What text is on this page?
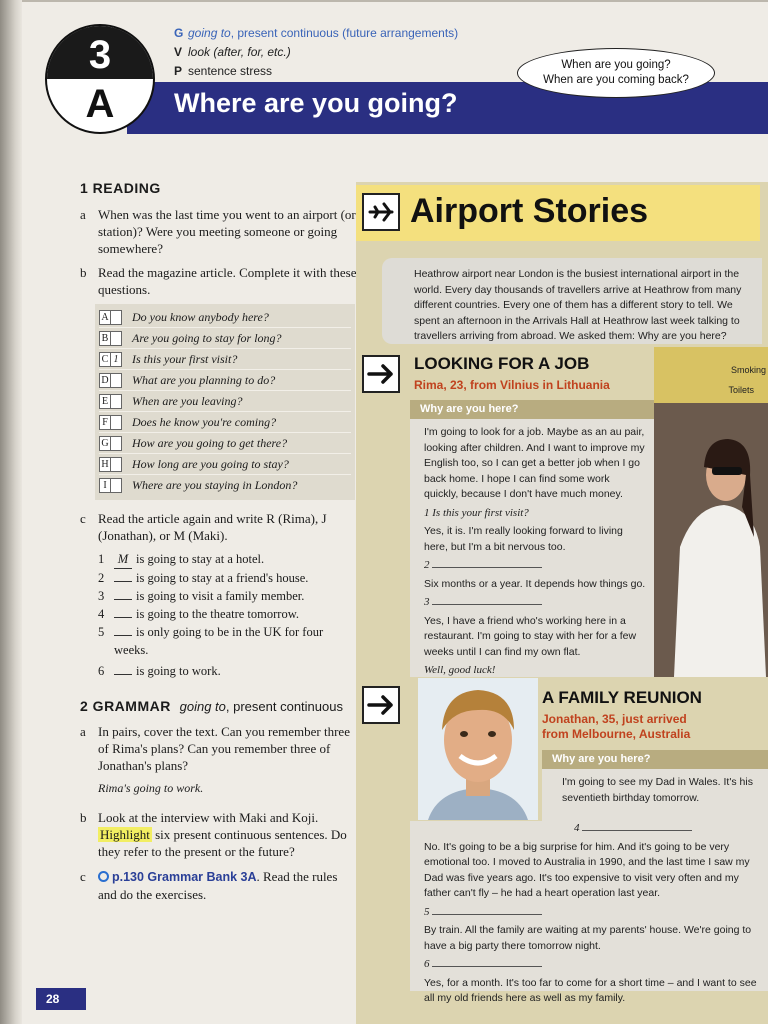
3
A	Where are you going?
G going to, present continuous (future arrangements)
V look (after, for, etc.)
P sentence stress	When are you going?
When are you coming back?
1 READING
a When was the last time you went to an airport (or station)? Were you meeting someone or going somewhere?
b Read the magazine article. Complete it with these questions.
A Do you know anybody here?
B Are you going to stay for long?
C 1 Is this your first visit?
D What are you planning to do?
E When are you leaving?
F Does he know you're coming?
G How are you going to get there?
H How long are you going to stay?
I	Where are you staying in London?
c Read the article again and write R (Rima), J (Jonathan), or M (Maki).
1	M is going to stay at a hotel.
2	is going to stay at a friend's house.
3	is going to visit a family member.
4	is going to the theatre tomorrow.
5	is only going to be in the UK for four weeks.
6	is going to work.
2 GRAMMAR going to, present continuous
a In pairs, cover the text. Can you remember three of Rima's plans? Can you remember three of Jonathan's plans?
Rima's going to work.
b Look at the interview with Maki and Koji. Highlight six present continuous sentences. Do they refer to the present or the future?
c p.130 Grammar Bank 3A. Read the rules and do the exercises.
28
Airport Stories
Heathrow airport near London is the busiest international airport in the world. Every day thousands of travellers arrive at Heathrow from many different countries. Every one of them has a different story to tell. We spent an afternoon in the Arrivals Hall at Heathrow last week talking to travellers arriving from abroad. We asked them: Why are you here?
LOOKING FOR A JOB
Rima, 23, from Vilnius in Lithuania
Why are you here?
Smoking
Toilets

I'm going to look for a job. Maybe as an au pair, looking after children. And I want to improve my English too, so I can get a better job when I go back home. I hope I can find some work quickly, because I don't have much money.

1 Is this your first visit?

Yes, it is. I'm really looking forward to living here, but I'm a bit nervous too.

2

Six months or a year. It depends how things go.

3

Yes, I have a friend who's working here in a restaurant. I'm going to stay with her for a few weeks until I can find my own flat.

Well, good luck!

A FAMILY REUNION
Jonathan, 35, just arrived
from Melbourne, Australia
Why are you here?

I'm going to see my Dad in Wales. It's his seventieth birthday tomorrow.

4

No. It's going to be a big surprise for him. And it's going to be very emotional too. I moved to Australia in 1990, and the last time I saw my Dad was five years ago. It's too expensive to visit very often and my father can't fly – he had a heart operation last year.

5

By train. All the family are waiting at my parents' house. We're going to have a big party there tomorrow night.

6

Yes, for a month. It's too far to come for a short time – and I want to see all my old friends here as well as my family.
